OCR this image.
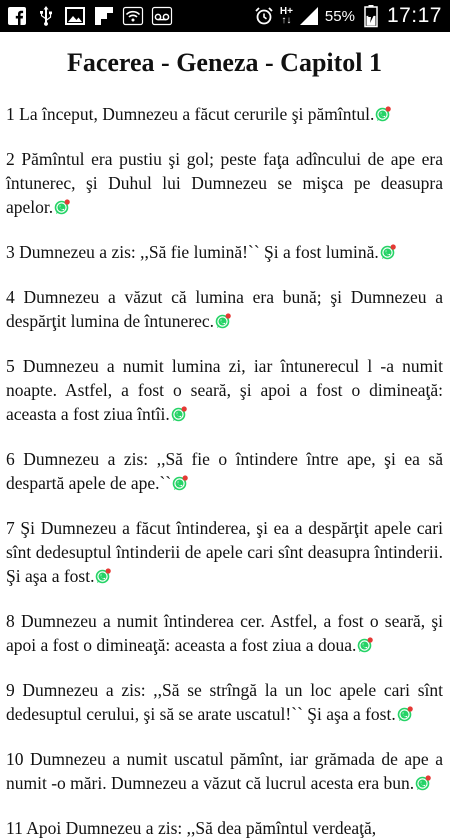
H+
↑↓ 55% 17:17
Facerea - Geneza - Capitol 1
1 La început, Dumnezeu a făcut cerurile şi pămîntul.
2 Pămîntul era pustiu şi gol; peste faţa adîncului de ape era întunerec, şi Duhul lui Dumnezeu se mişca pe deasupra apelor.
3 Dumnezeu a zis: ,,Să fie lumină!`` Şi a fost lumină.
4 Dumnezeu a văzut că lumina era bună; şi Dumnezeu a despărţit lumina de întunerec.
5 Dumnezeu a numit lumina zi, iar întunerecul l -a numit noapte. Astfel, a fost o seară, şi apoi a fost o dimineaţă: aceasta a fost ziua întîi.
6 Dumnezeu a zis: ,,Să fie o întindere între ape, şi ea să despartă apele de ape.``
7 Şi Dumnezeu a făcut întinderea, şi ea a despărţit apele cari sînt dedesuptul întinderii de apele cari sînt deasupra întinderii. Şi aşa a fost.
8 Dumnezeu a numit întinderea cer. Astfel, a fost o seară, şi apoi a fost o dimineaţă: aceasta a fost ziua a doua.
9 Dumnezeu a zis: ,,Să se strîngă la un loc apele cari sînt dedesuptul cerului, şi să se arate uscatul!`` Şi aşa a fost.
10 Dumnezeu a numit uscatul pămînt, iar grămada de ape a numit -o mări. Dumnezeu a văzut că lucrul acesta era bun.
11 Apoi Dumnezeu a zis: ,,Să dea pămîntul verdeaţă,
